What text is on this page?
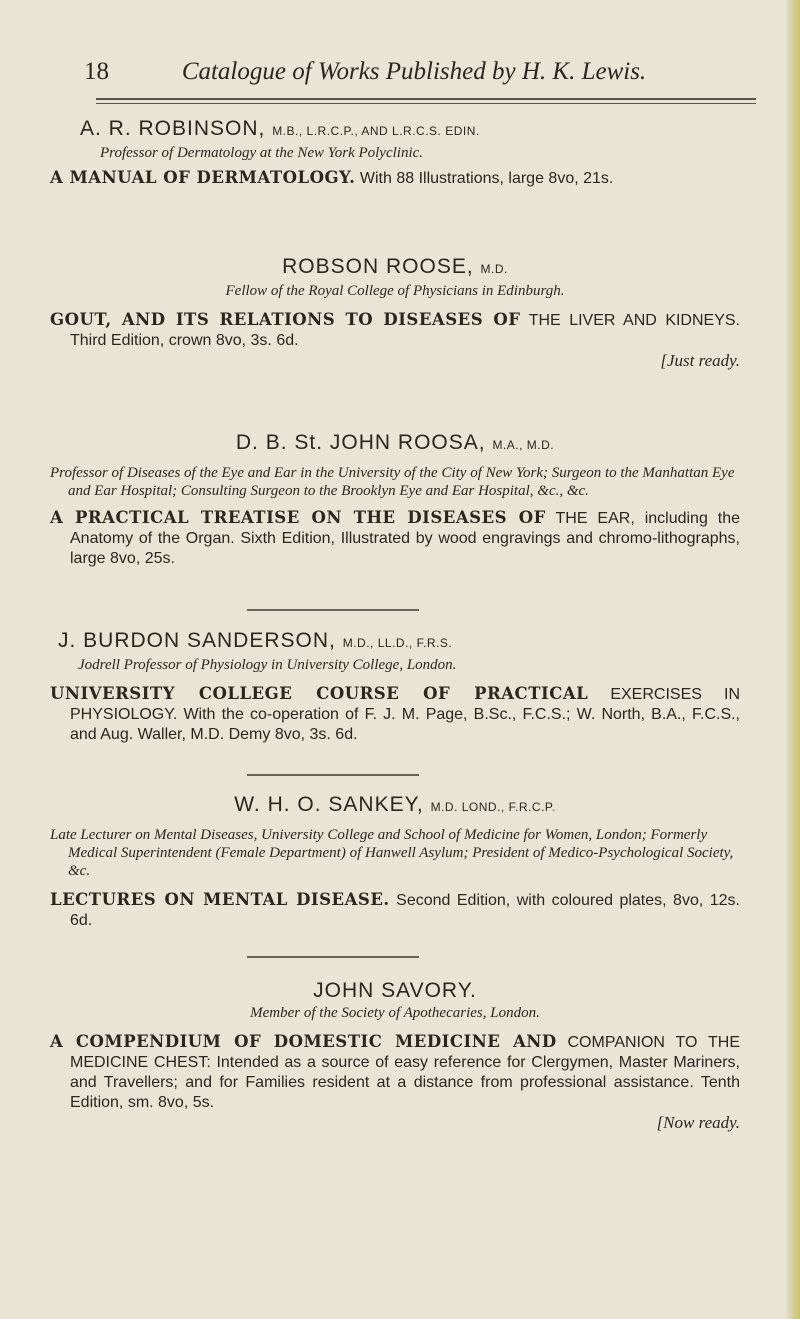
18	Catalogue of Works Published by H. K. Lewis.
A. R. ROBINSON, M.B., L.R.C.P., AND L.R.C.S. EDIN.
Professor of Dermatology at the New York Polyclinic.
A MANUAL OF DERMATOLOGY. With 88 Illustrations, large 8vo, 21s.
ROBSON ROOSE, M.D.
Fellow of the Royal College of Physicians in Edinburgh.
GOUT, AND ITS RELATIONS TO DISEASES OF THE LIVER AND KIDNEYS. Third Edition, crown 8vo, 3s. 6d.
[Just ready.
D. B. St. JOHN ROOSA, M.A., M.D.
Professor of Diseases of the Eye and Ear in the University of the City of New York; Surgeon to the Manhattan Eye and Ear Hospital; Consulting Surgeon to the Brooklyn Eye and Ear Hospital, &c., &c.
A PRACTICAL TREATISE ON THE DISEASES OF THE EAR, including the Anatomy of the Organ. Sixth Edition, Illustrated by wood engravings and chromo-lithographs, large 8vo, 25s.
J. BURDON SANDERSON, M.D., LL.D., F.R.S.
Jodrell Professor of Physiology in University College, London.
UNIVERSITY COLLEGE COURSE OF PRACTICAL EXERCISES IN PHYSIOLOGY. With the co-operation of F. J. M. Page, B.Sc., F.C.S.; W. North, B.A., F.C.S., and Aug. Waller, M.D. Demy 8vo, 3s. 6d.
W. H. O. SANKEY, M.D. LOND., F.R.C.P.
Late Lecturer on Mental Diseases, University College and School of Medicine for Women, London; Formerly Medical Superintendent (Female Department) of Hanwell Asylum; President of Medico-Psychological Society, &c.
LECTURES ON MENTAL DISEASE. Second Edition, with coloured plates, 8vo, 12s. 6d.
JOHN SAVORY.
Member of the Society of Apothecaries, London.
A COMPENDIUM OF DOMESTIC MEDICINE AND COMPANION TO THE MEDICINE CHEST: Intended as a source of easy reference for Clergymen, Master Mariners, and Travellers; and for Families resident at a distance from professional assistance. Tenth Edition, sm. 8vo, 5s.
[Now ready.
